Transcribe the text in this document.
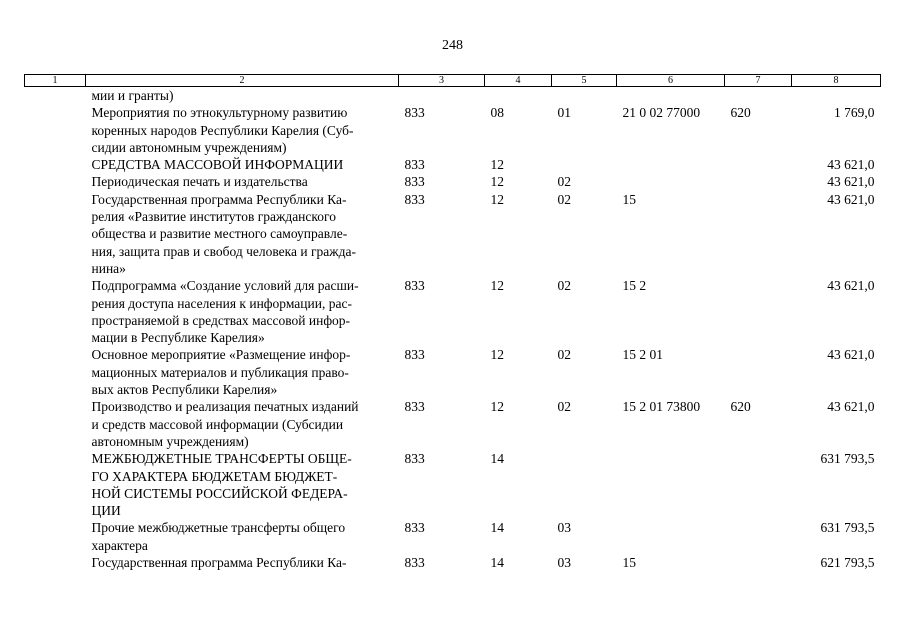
248
1	2	3	4	5	6	7	8

	мии и гранты)						

	Мероприятия по этнокультурному развитию
коренных народов Республики Карелия (Суб-
сидии автономным учреждениям)	833	08	01	21 0 02 77000	620	1 769,0

	СРЕДСТВА МАССОВОЙ ИНФОРМАЦИИ	833	12				43 621,0

	Периодическая печать и издательства	833	12	02			43 621,0

	Государственная программа Республики Ка-
релия «Развитие институтов гражданского
общества и развитие местного самоуправле-
ния, защита прав и свобод человека и гражда-
нина»	833	12	02	15		43 621,0

	Подпрограмма «Создание условий для расши-
рения доступа населения к информации, рас-
пространяемой в средствах массовой инфор-
мации в Республике Карелия»	833	12	02	15 2		43 621,0

	Основное мероприятие «Размещение инфор-
мационных материалов и публикация право-
вых актов Республики Карелия»	833	12	02	15 2 01		43 621,0

	Производство и реализация печатных изданий
и средств массовой информации (Субсидии
автономным учреждениям)	833	12	02	15 2 01 73800	620	43 621,0

	МЕЖБЮДЖЕТНЫЕ ТРАНСФЕРТЫ ОБЩЕ-
ГО ХАРАКТЕРА БЮДЖЕТАМ БЮДЖЕТ-
НОЙ СИСТЕМЫ РОССИЙСКОЙ ФЕДЕРА-
ЦИИ	833	14				631 793,5

	Прочие межбюджетные трансферты общего
характера	833	14	03			631 793,5

	Государственная программа Республики Ка-	833	14	03	15		621 793,5
